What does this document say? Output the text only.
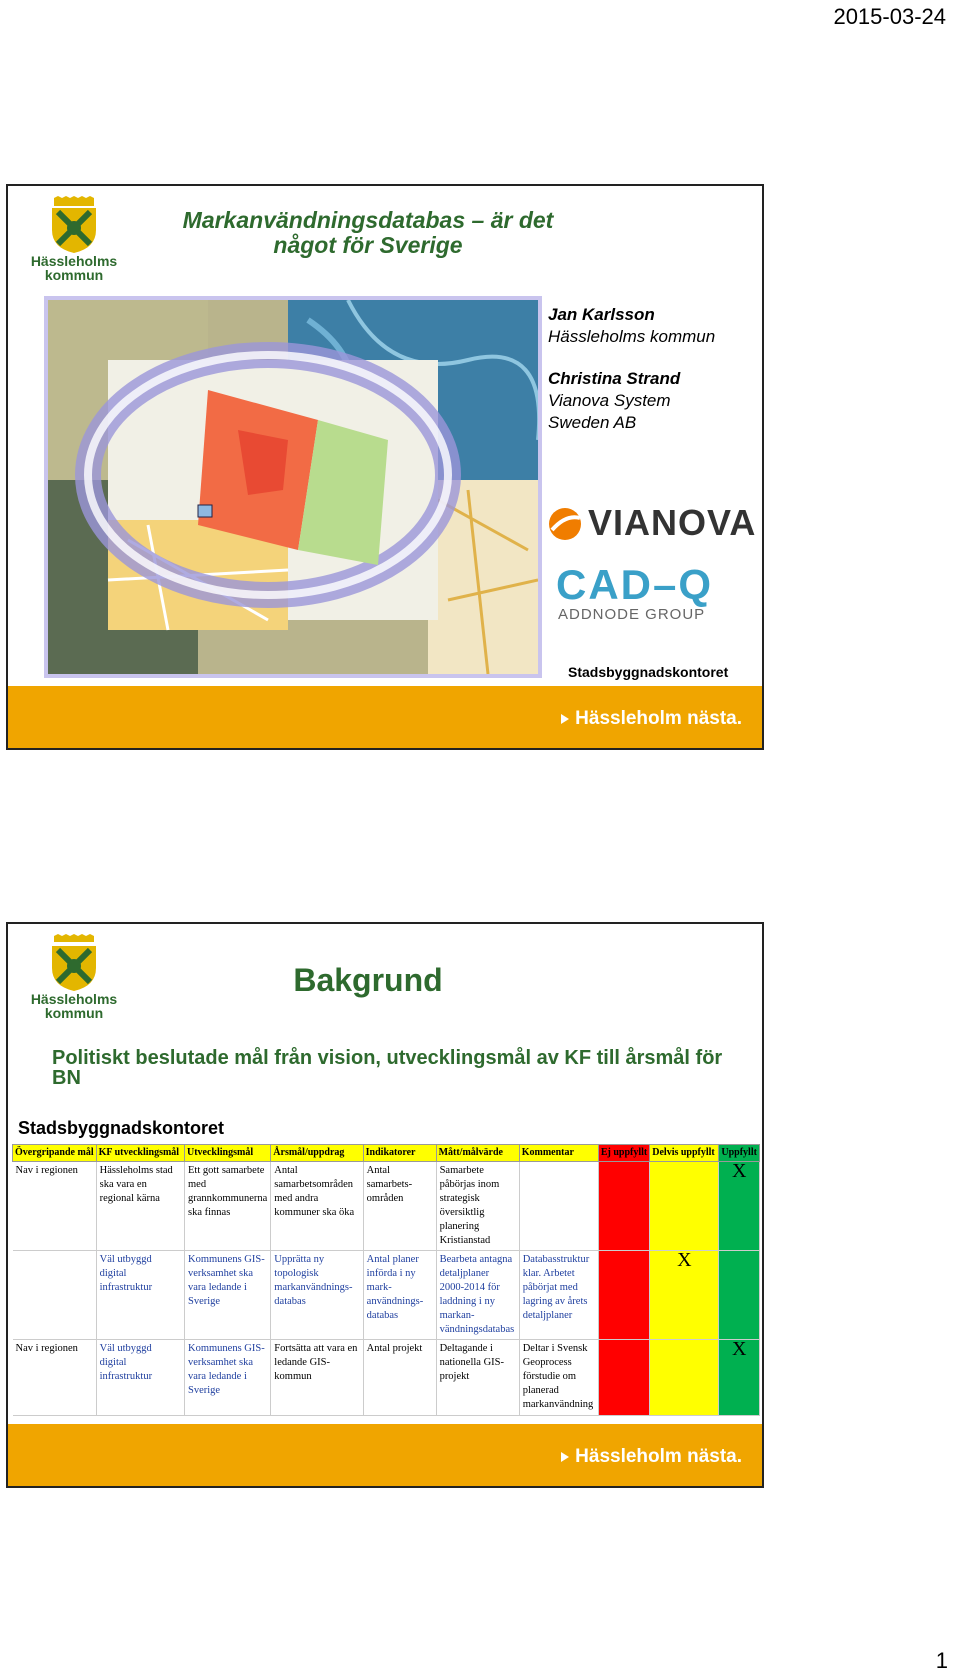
2015-03-24
Hässleholms
kommun
Markanvändningsdatabas – är det
något för Sverige
Jan Karlsson
Hässleholms kommun
Christina Strand
Vianova System
Sweden AB
VIANOVA
CAD–Q
ADDNODE GROUP
Stadsbyggnadskontoret
Hässleholm nästa.
Hässleholms
kommun
Bakgrund
Politiskt beslutade mål från vision, utvecklingsmål av KF till årsmål för BN
Stadsbyggnadskontoret
Övergripande mål	KF utvecklingsmål	Utvecklingsmål	Årsmål/uppdrag	Indikatorer	Mått/målvärde	Kommentar	Ej uppfyllt	Delvis uppfyllt	Uppfyllt
Nav i regionen	Hässleholms stad ska vara en regional kärna	Ett gott samarbete med grannkommunerna ska finnas	Antal samarbetsområden med andra kommuner ska öka	Antal samarbets-områden	Samarbete påbörjas inom strategisk översiktlig planering Kristianstad				X
	Väl utbyggd digital infrastruktur	Kommunens GIS-verksamhet ska vara ledande i Sverige	Upprätta ny topologisk markanvändnings-databas	Antal planer införda i ny mark-användnings-databas	Bearbeta antagna detaljplaner 2000-2014 för laddning i ny markan-vändningsdatabas	Databasstruktur klar. Arbetet påbörjat med lagring av årets detaljplaner		X	
Nav i regionen	Väl utbyggd digital infrastruktur	Kommunens GIS-verksamhet ska vara ledande i Sverige	Fortsätta att vara en ledande GIS-kommun	Antal projekt	Deltagande i nationella GIS-projekt	Deltar i Svensk Geoprocess förstudie om planerad markanvändning			X
Hässleholm nästa.
1
